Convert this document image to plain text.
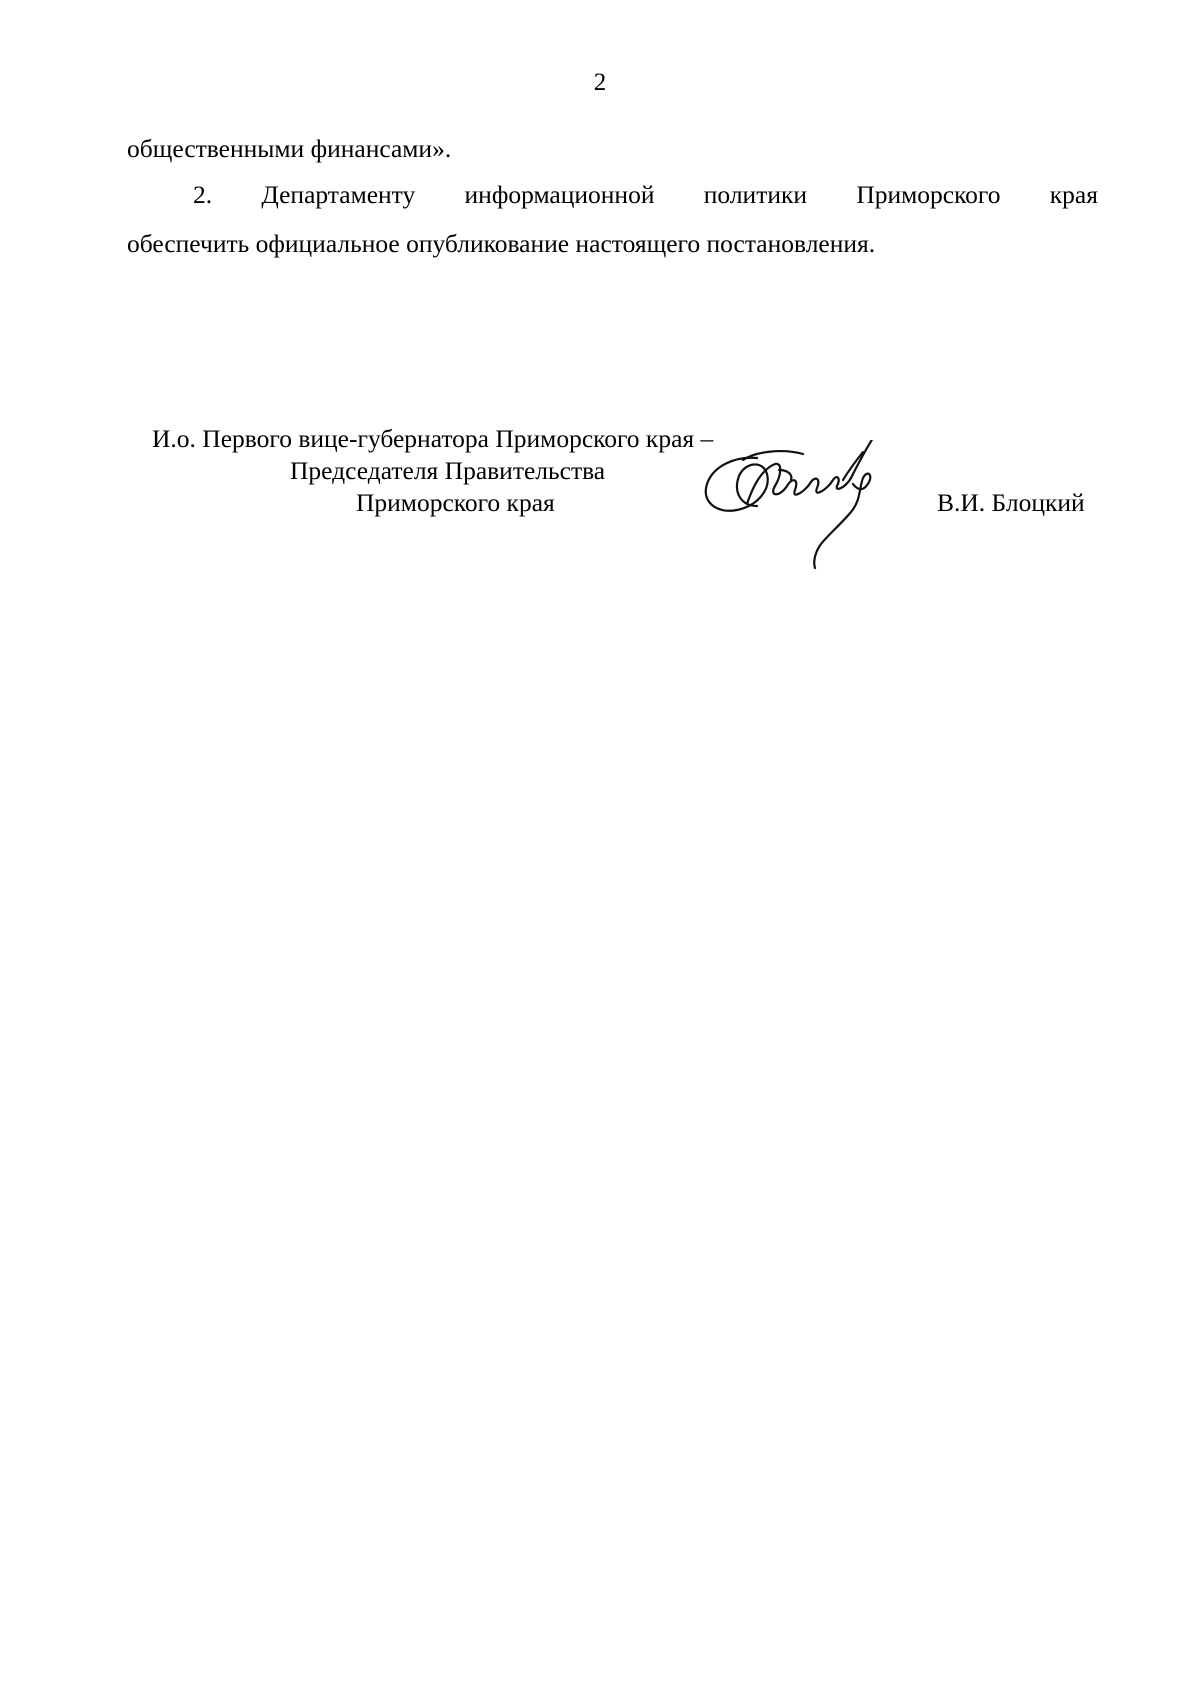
2
общественными финансами».
2. Департаменту информационной политики Приморского края
обеспечить официальное опубликование настоящего постановления.
И.о. Первого вице-губернатора Приморского края –
Председателя Правительства
Приморского края	В.И. Блоцкий
